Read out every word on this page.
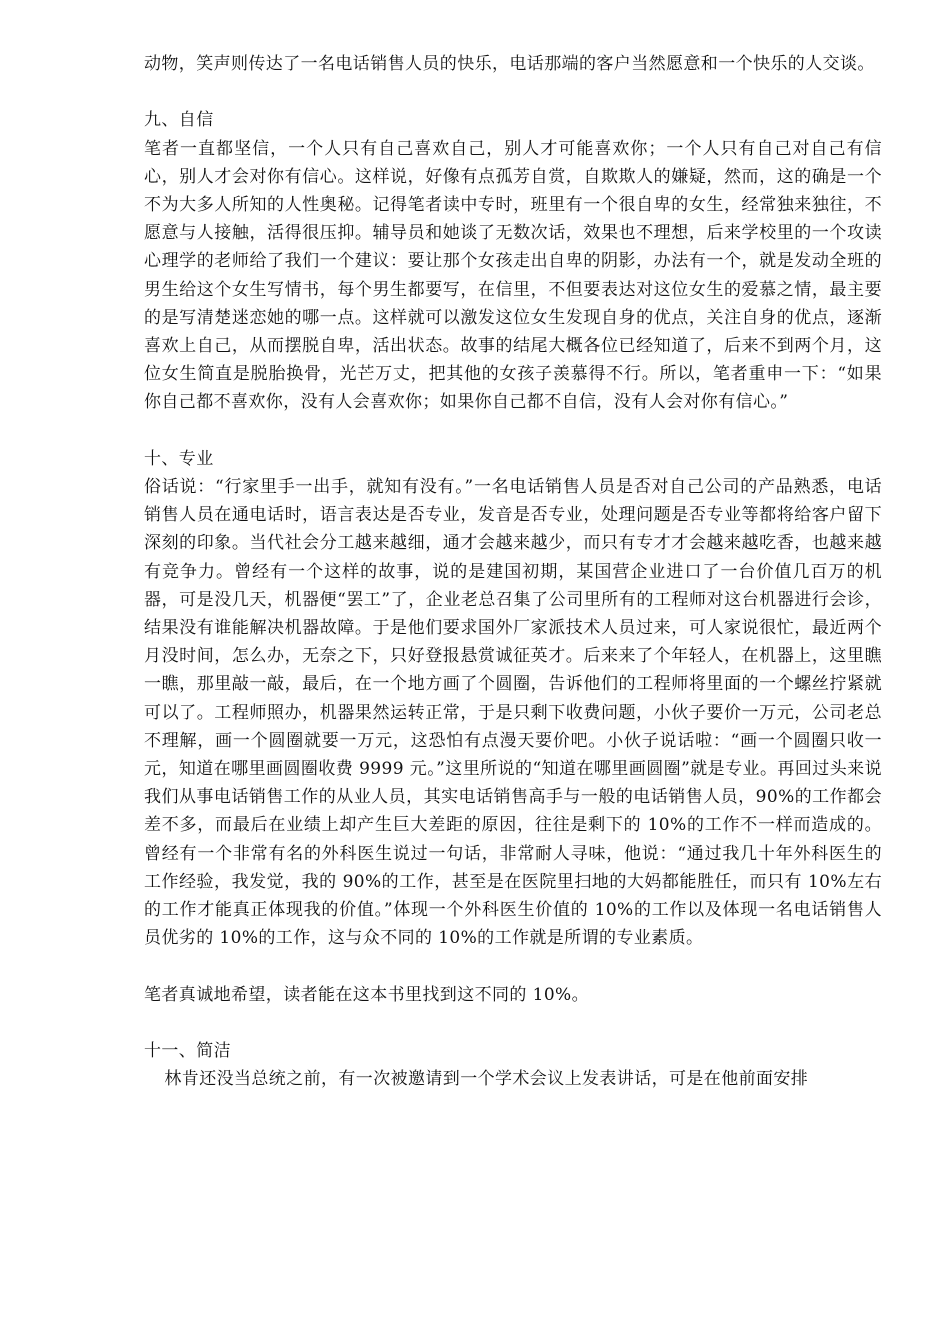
动物，笑声则传达了一名电话销售人员的快乐，电话那端的客户当然愿意和一个快乐的人交谈。

九、自信

笔者一直都坚信，一个人只有自己喜欢自己，别人才可能喜欢你；一个人只有自己对自己有信心，别人才会对你有信心。这样说，好像有点孤芳自赏，自欺欺人的嫌疑，然而，这的确是一个不为大多人所知的人性奥秘。记得笔者读中专时，班里有一个很自卑的女生，经常独来独往，不愿意与人接触，活得很压抑。辅导员和她谈了无数次话，效果也不理想，后来学校里的一个攻读心理学的老师给了我们一个建议：要让那个女孩走出自卑的阴影，办法有一个，就是发动全班的男生给这个女生写情书，每个男生都要写，在信里，不但要表达对这位女生的爱慕之情，最主要的是写清楚迷恋她的哪一点。这样就可以激发这位女生发现自身的优点，关注自身的优点，逐渐喜欢上自己，从而摆脱自卑，活出状态。故事的结尾大概各位已经知道了，后来不到两个月，这位女生简直是脱胎换骨，光芒万丈，把其他的女孩子羡慕得不行。所以，笔者重申一下：“如果你自己都不喜欢你，没有人会喜欢你；如果你自己都不自信，没有人会对你有信心。”

十、专业

俗话说：“行家里手一出手，就知有没有。”一名电话销售人员是否对自己公司的产品熟悉，电话销售人员在通电话时，语言表达是否专业，发音是否专业，处理问题是否专业等都将给客户留下深刻的印象。当代社会分工越来越细，通才会越来越少，而只有专才才会越来越吃香，也越来越有竞争力。曾经有一个这样的故事，说的是建国初期，某国营企业进口了一台价值几百万的机器，可是没几天，机器便“罢工”了，企业老总召集了公司里所有的工程师对这台机器进行会诊，结果没有谁能解决机器故障。于是他们要求国外厂家派技术人员过来，可人家说很忙，最近两个月没时间，怎么办，无奈之下，只好登报悬赏诚征英才。后来来了个年轻人，在机器上，这里瞧一瞧，那里敲一敲，最后，在一个地方画了个圆圈，告诉他们的工程师将里面的一个螺丝拧紧就可以了。工程师照办，机器果然运转正常，于是只剩下收费问题，小伙子要价一万元，公司老总不理解，画一个圆圈就要一万元，这恐怕有点漫天要价吧。小伙子说话啦：“画一个圆圈只收一元，知道在哪里画圆圈收费 9999 元。”这里所说的“知道在哪里画圆圈”就是专业。再回过头来说我们从事电话销售工作的从业人员，其实电话销售高手与一般的电话销售人员，90%的工作都会差不多，而最后在业绩上却产生巨大差距的原因，往往是剩下的 10%的工作不一样而造成的。曾经有一个非常有名的外科医生说过一句话，非常耐人寻味，他说：“通过我几十年外科医生的工作经验，我发觉，我的 90%的工作，甚至是在医院里扫地的大妈都能胜任，而只有 10%左右的工作才能真正体现我的价值。”体现一个外科医生价值的 10%的工作以及体现一名电话销售人员优劣的 10%的工作，这与众不同的 10%的工作就是所谓的专业素质。

笔者真诚地希望，读者能在这本书里找到这不同的 10%。

十一、简洁

林肯还没当总统之前，有一次被邀请到一个学术会议上发表讲话，可是在他前面安排
